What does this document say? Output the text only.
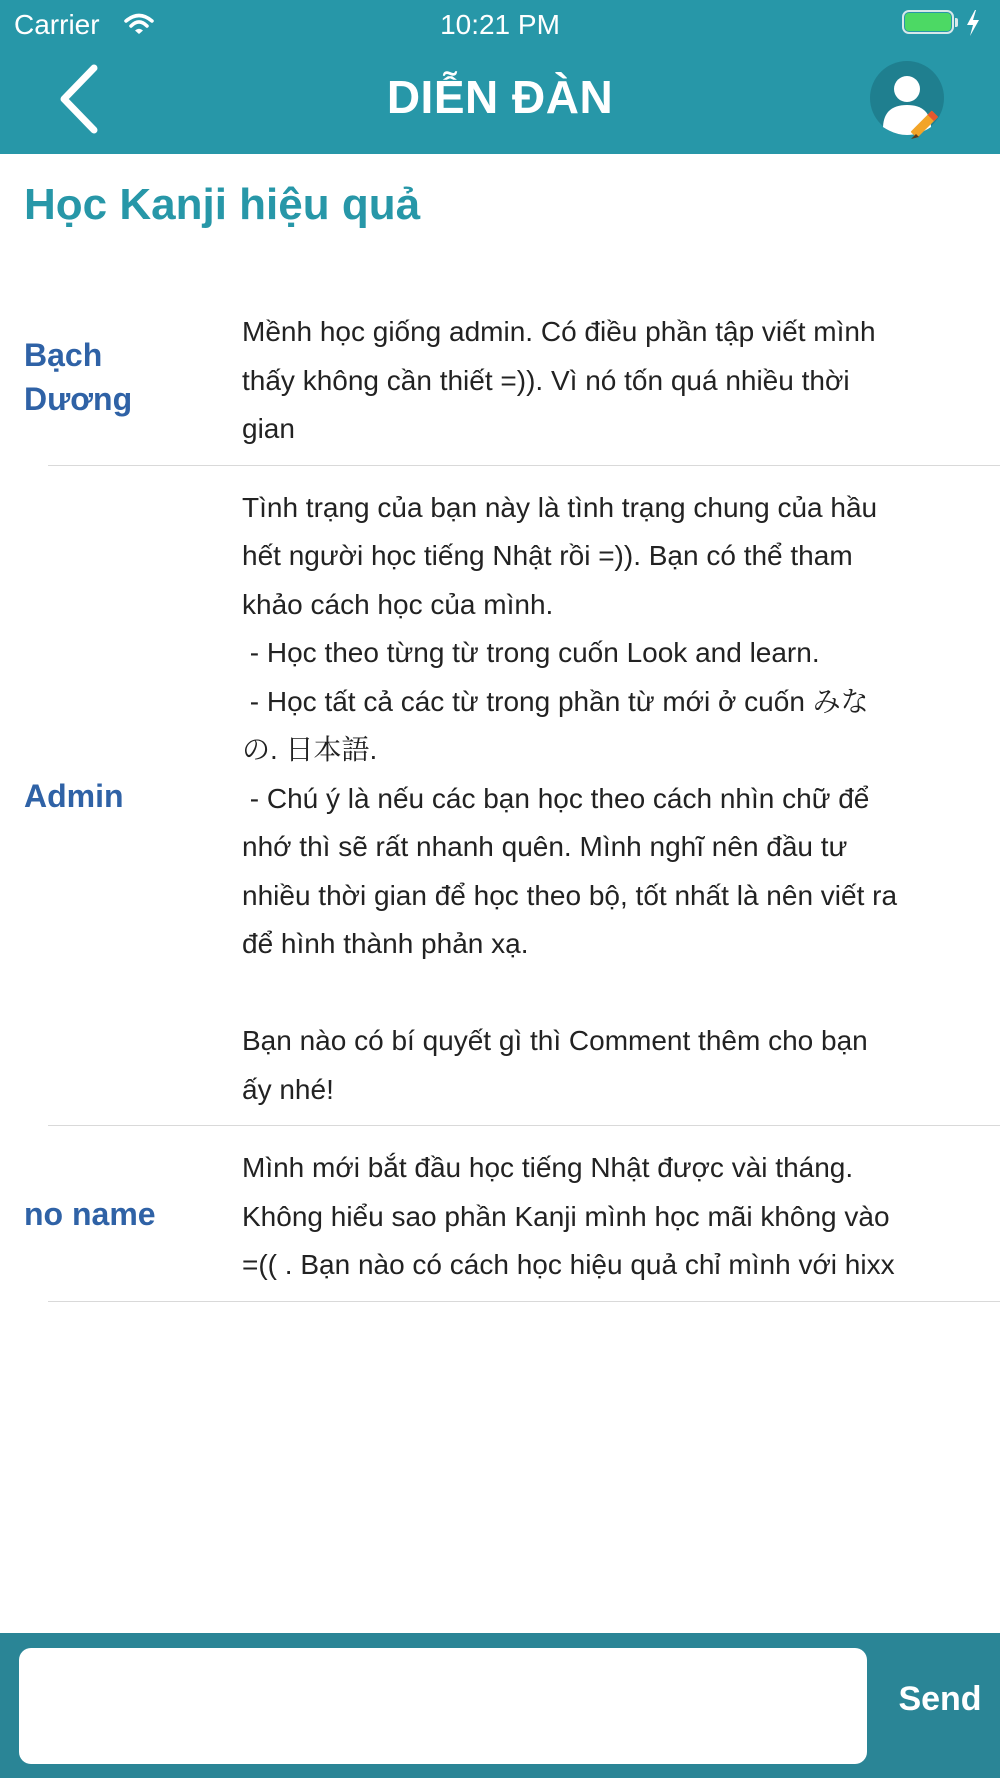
Carrier	10:21 PM
DIỄN ĐÀN
Học Kanji hiệu quả
Bạch
Dương
Mềnh học giống admin. Có điều phần tập viết mình
thấy không cần thiết =)). Vì nó tốn quá nhiều thời
gian
Admin
Tình trạng của bạn này là tình trạng chung của hầu
hết người học tiếng Nhật rồi =)). Bạn có thể tham
khảo cách học của mình.
- Học theo từng từ trong cuốn Look and learn.
- Học tất cả các từ trong phần từ mới ở cuốn みな
の. 日本語.
- Chú ý là nếu các bạn học theo cách nhìn chữ để
nhớ thì sẽ rất nhanh quên. Mình nghĩ nên đầu tư
nhiều thời gian để học theo bộ, tốt nhất là nên viết ra
để hình thành phản xạ.

Bạn nào có bí quyết gì thì Comment thêm cho bạn
ấy nhé!
no name
Mình mới bắt đầu học tiếng Nhật được vài tháng.
Không hiểu sao phần Kanji mình học mãi không vào
=(( . Bạn nào có cách học hiệu quả chỉ mình với hixx
Send
